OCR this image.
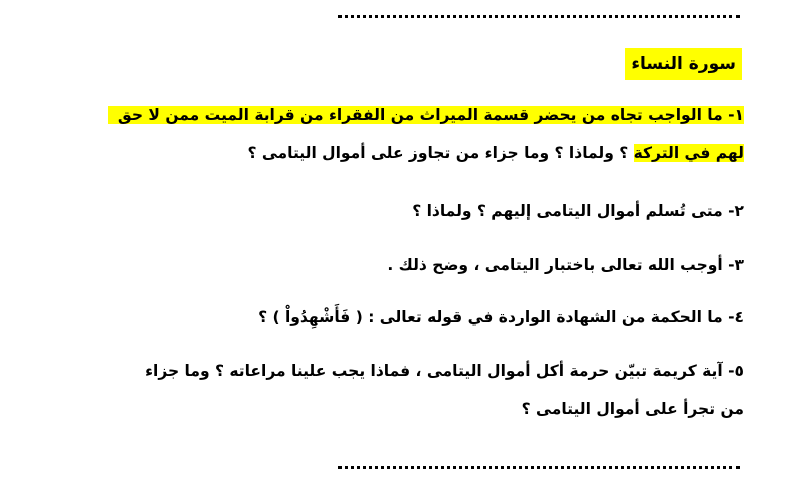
سورة النساء
١- ما الواجب تجاه من يحضر قسمة الميراث من الفقراء من قرابة الميت ممن لا حق
لهم في التركة ؟ ولماذا ؟ وما جزاء من تجاوز على أموال اليتامى ؟
٢- متى تُسلم أموال اليتامى إليهم ؟ ولماذا ؟
٣- أوجب الله تعالى باختبار اليتامى ، وضح ذلك .
٤- ما الحكمة من الشهادة الواردة في قوله تعالى : ( فَأَشْهِدُواْ ) ؟
٥- آية كريمة تبيّن حرمة أكل أموال اليتامى ، فماذا يجب علينا مراعاته ؟ وما جزاء
من تجرأ على أموال اليتامى ؟
